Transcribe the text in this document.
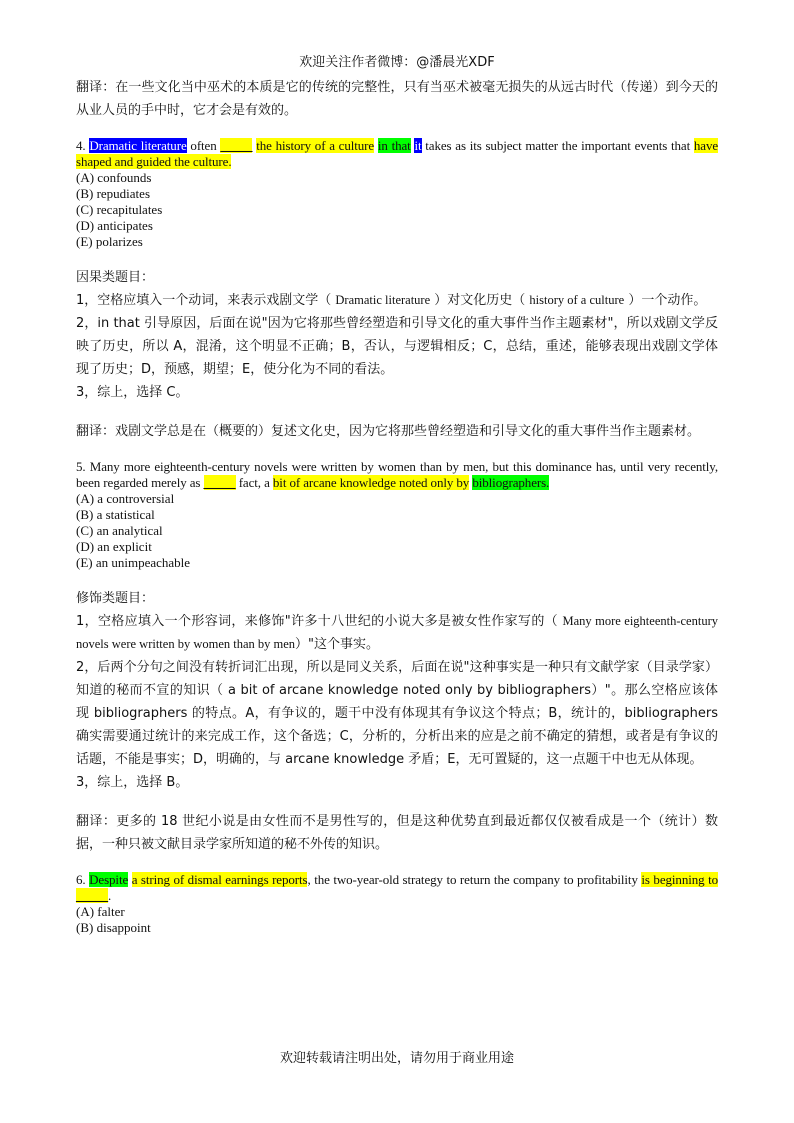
欢迎关注作者微博：@潘晨光XDF

翻译：在一些文化当中巫术的本质是它的传统的完整性，只有当巫术被毫无损失的从远古时代（传递）到今天的从业人员的手中时，它才会是有效的。

4. Dramatic literature often _____ the history of a culture in that it takes as its subject matter the important events that have shaped and guided the culture.

(A) confounds

(B) repudiates

(C) recapitulates

(D) anticipates

(E) polarizes

因果类题目：

1，空格应填入一个动词，来表示戏剧文学（ Dramatic literature ）对文化历史（ history of a culture ）一个动作。

2，in that 引导原因，后面在说"因为它将那些曾经塑造和引导文化的重大事件当作主题素材"，所以戏剧文学反映了历史，所以 A，混淆，这个明显不正确；B，否认，与逻辑相反；C，总结，重述，能够表现出戏剧文学体现了历史；D，预感，期望；E，使分化为不同的看法。

3，综上，选择 C。

翻译：戏剧文学总是在（概要的）复述文化史，因为它将那些曾经塑造和引导文化的重大事件当作主题素材。

5. Many more eighteenth-century novels were written by women than by men, but this dominance has, until very recently, been regarded merely as _____ fact, a bit of arcane knowledge noted only by bibliographers.

(A) a controversial

(B) a statistical

(C) an analytical

(D) an explicit

(E) an unimpeachable

修饰类题目：

1，空格应填入一个形容词，来修饰"许多十八世纪的小说大多是被女性作家写的（ Many more eighteenth-century novels were written by women than by men）"这个事实。

2，后两个分句之间没有转折词汇出现，所以是同义关系，后面在说"这种事实是一种只有文献学家（目录学家）知道的秘而不宣的知识（ a bit of arcane knowledge noted only by bibliographers）"。那么空格应该体现 bibliographers 的特点。A，有争议的，题干中没有体现其有争议这个特点；B，统计的，bibliographers 确实需要通过统计的来完成工作，这个备选；C，分析的，分析出来的应是之前不确定的猜想，或者是有争议的话题，不能是事实；D，明确的，与 arcane knowledge 矛盾；E，无可置疑的，这一点题干中也无从体现。

3，综上，选择 B。

翻译：更多的 18 世纪小说是由女性而不是男性写的，但是这种优势直到最近都仅仅被看成是一个（统计）数据，一种只被文献目录学家所知道的秘不外传的知识。

6. Despite a string of dismal earnings reports, the two-year-old strategy to return the company to profitability is beginning to _____.

(A) falter

(B) disappoint

欢迎转载请注明出处，请勿用于商业用途
